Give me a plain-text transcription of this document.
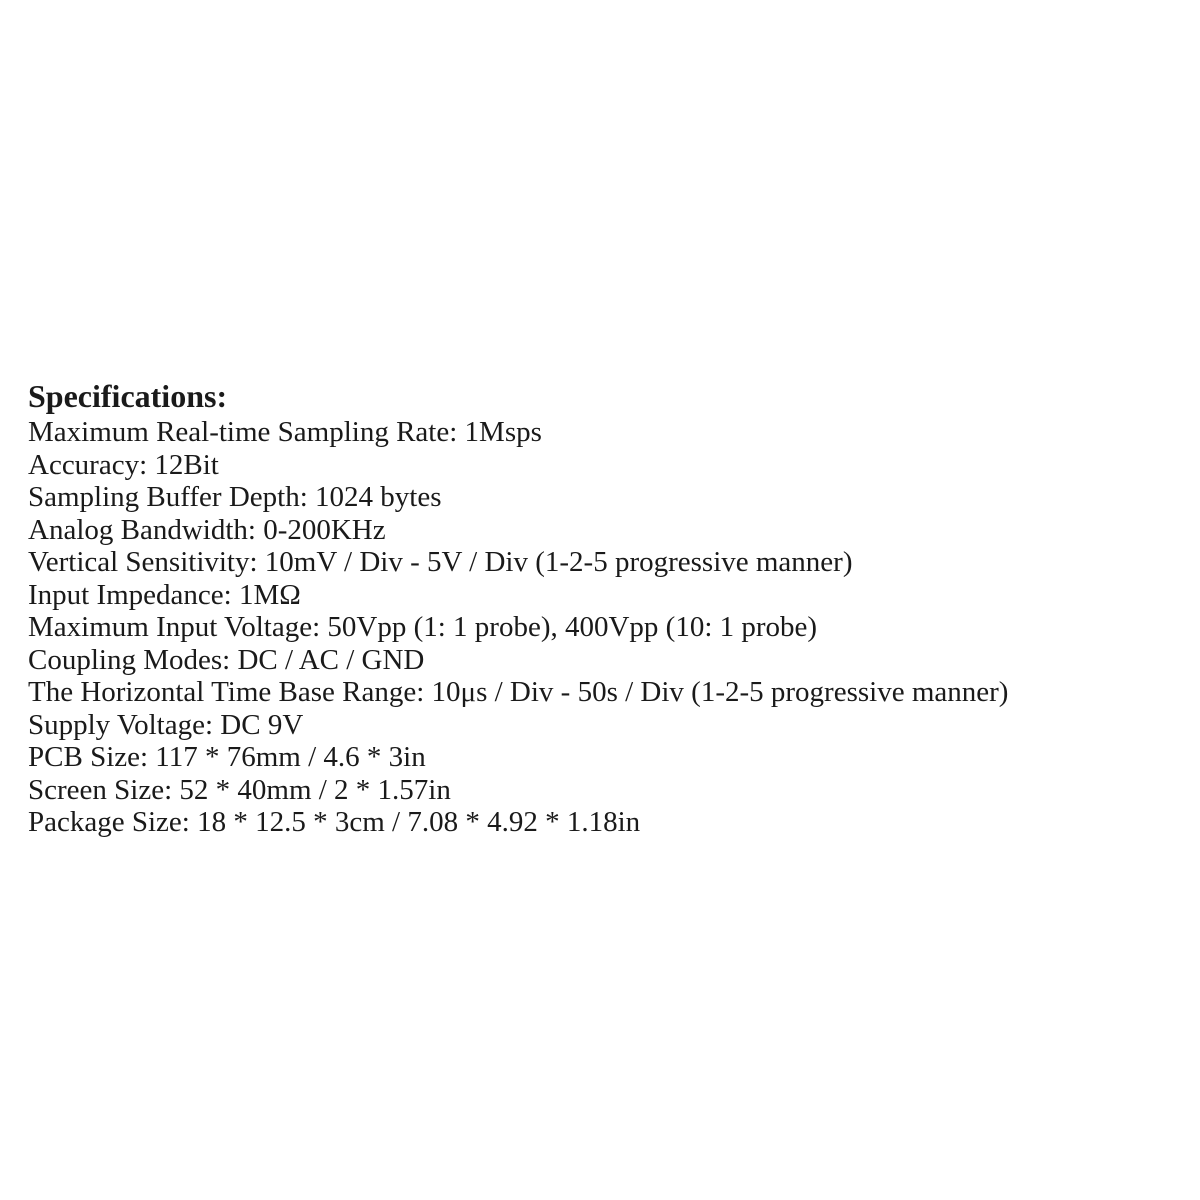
Specifications:
Maximum Real-time Sampling Rate: 1Msps
Accuracy: 12Bit
Sampling Buffer Depth: 1024 bytes
Analog Bandwidth: 0-200KHz
Vertical Sensitivity: 10mV / Div - 5V / Div (1-2-5 progressive manner)
Input Impedance: 1MΩ
Maximum Input Voltage: 50Vpp (1: 1 probe), 400Vpp (10: 1 probe)
Coupling Modes: DC / AC / GND
The Horizontal Time Base Range: 10μs / Div - 50s / Div (1-2-5 progressive manner)
Supply Voltage: DC 9V
PCB Size: 117 * 76mm / 4.6 * 3in
Screen Size: 52 * 40mm / 2 * 1.57in
Package Size: 18 * 12.5 * 3cm / 7.08 * 4.92 * 1.18in
